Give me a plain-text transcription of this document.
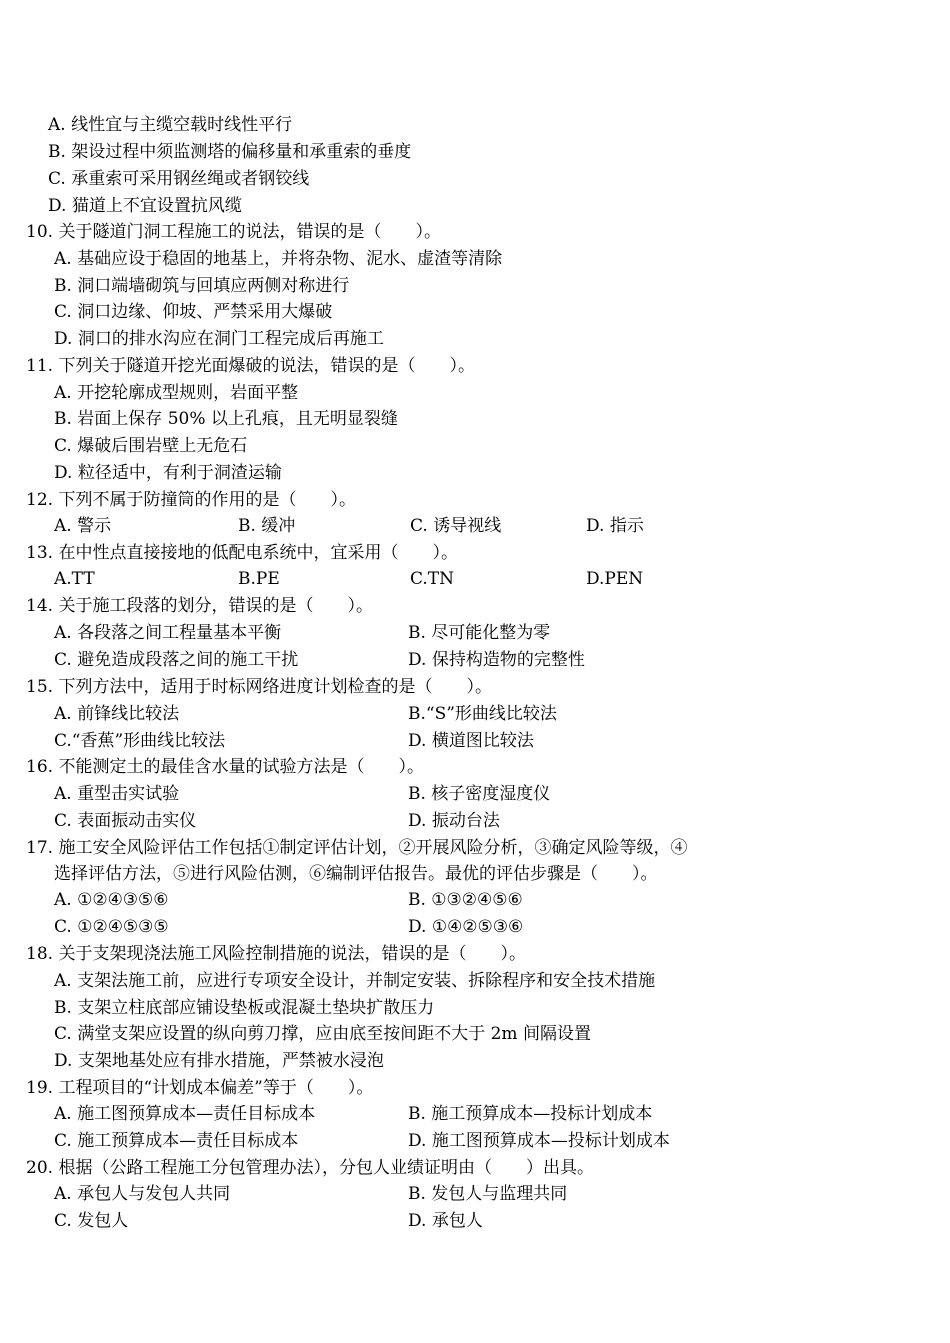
A. 线性宜与主缆空载时线性平行
B. 架设过程中须监测塔的偏移量和承重索的垂度
C. 承重索可采用钢丝绳或者钢铰线
D. 猫道上不宜设置抗风缆
10. 关于隧道门洞工程施工的说法，错误的是（　　）。
A. 基础应设于稳固的地基上，并将杂物、泥水、虚渣等清除
B. 洞口端墙砌筑与回填应两侧对称进行
C. 洞口边缘、仰坡、严禁采用大爆破
D. 洞口的排水沟应在洞门工程完成后再施工
11. 下列关于隧道开挖光面爆破的说法，错误的是（　　）。
A. 开挖轮廓成型规则，岩面平整
B. 岩面上保存 50% 以上孔痕，且无明显裂缝
C. 爆破后围岩壁上无危石
D. 粒径适中，有利于洞渣运输
12. 下列不属于防撞筒的作用的是（　　）。
A. 警示	B. 缓冲	C. 诱导视线	D. 指示
13. 在中性点直接接地的低配电系统中，宜采用（　　）。
A.TT	B.PE	C.TN	D.PEN
14. 关于施工段落的划分，错误的是（　　）。
A. 各段落之间工程量基本平衡	B. 尽可能化整为零
C. 避免造成段落之间的施工干扰	D. 保持构造物的完整性
15. 下列方法中，适用于时标网络进度计划检查的是（　　）。
A. 前锋线比较法	B.“S”形曲线比较法
C.“香蕉”形曲线比较法	D. 横道图比较法
16. 不能测定土的最佳含水量的试验方法是（　　）。
A. 重型击实试验	B. 核子密度湿度仪
C. 表面振动击实仪	D. 振动台法
17. 施工安全风险评估工作包括①制定评估计划，②开展风险分析，③确定风险等级，④
选择评估方法，⑤进行风险估测，⑥编制评估报告。最优的评估步骤是（　　）。
A. ①②④③⑤⑥	B. ①③②④⑤⑥
C. ①②④⑤③⑤	D. ①④②⑤③⑥
18. 关于支架现浇法施工风险控制措施的说法，错误的是（　　）。
A. 支架法施工前，应进行专项安全设计，并制定安装、拆除程序和安全技术措施
B. 支架立柱底部应铺设垫板或混凝土垫块扩散压力
C. 满堂支架应设置的纵向剪刀撑，应由底至按间距不大于 2m 间隔设置
D. 支架地基处应有排水措施，严禁被水浸泡
19. 工程项目的“计划成本偏差”等于（　　）。
A. 施工图预算成本—责任目标成本	B. 施工预算成本—投标计划成本
C. 施工预算成本—责任目标成本	D. 施工图预算成本—投标计划成本
20. 根据（公路工程施工分包管理办法），分包人业绩证明由（　　）出具。
A. 承包人与发包人共同	B. 发包人与监理共同
C. 发包人	D. 承包人
